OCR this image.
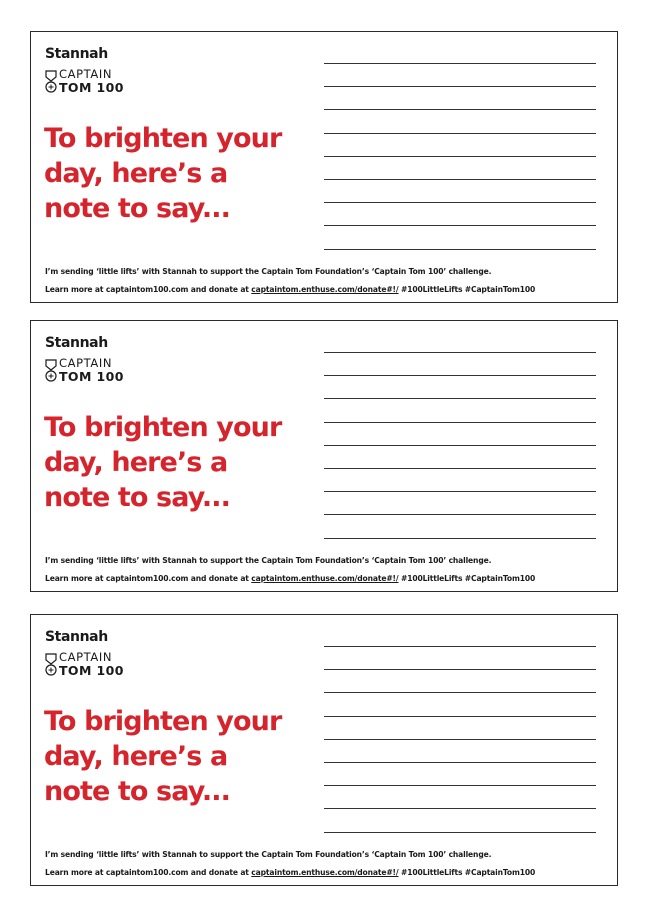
Stannah
CAPTAIN
TOM 100
To brighten your
day, here’s a
note to say...
I’m sending ‘little lifts’ with Stannah to support the Captain Tom Foundation’s ‘Captain Tom 100’ challenge.
Learn more at captaintom100.com and donate at captaintom.enthuse.com/donate#!/ #100LittleLifts #CaptainTom100
Stannah
CAPTAIN
TOM 100
To brighten your
day, here’s a
note to say...
I’m sending ‘little lifts’ with Stannah to support the Captain Tom Foundation’s ‘Captain Tom 100’ challenge.
Learn more at captaintom100.com and donate at captaintom.enthuse.com/donate#!/ #100LittleLifts #CaptainTom100
Stannah
CAPTAIN
TOM 100
To brighten your
day, here’s a
note to say...
I’m sending ‘little lifts’ with Stannah to support the Captain Tom Foundation’s ‘Captain Tom 100’ challenge.
Learn more at captaintom100.com and donate at captaintom.enthuse.com/donate#!/ #100LittleLifts #CaptainTom100
